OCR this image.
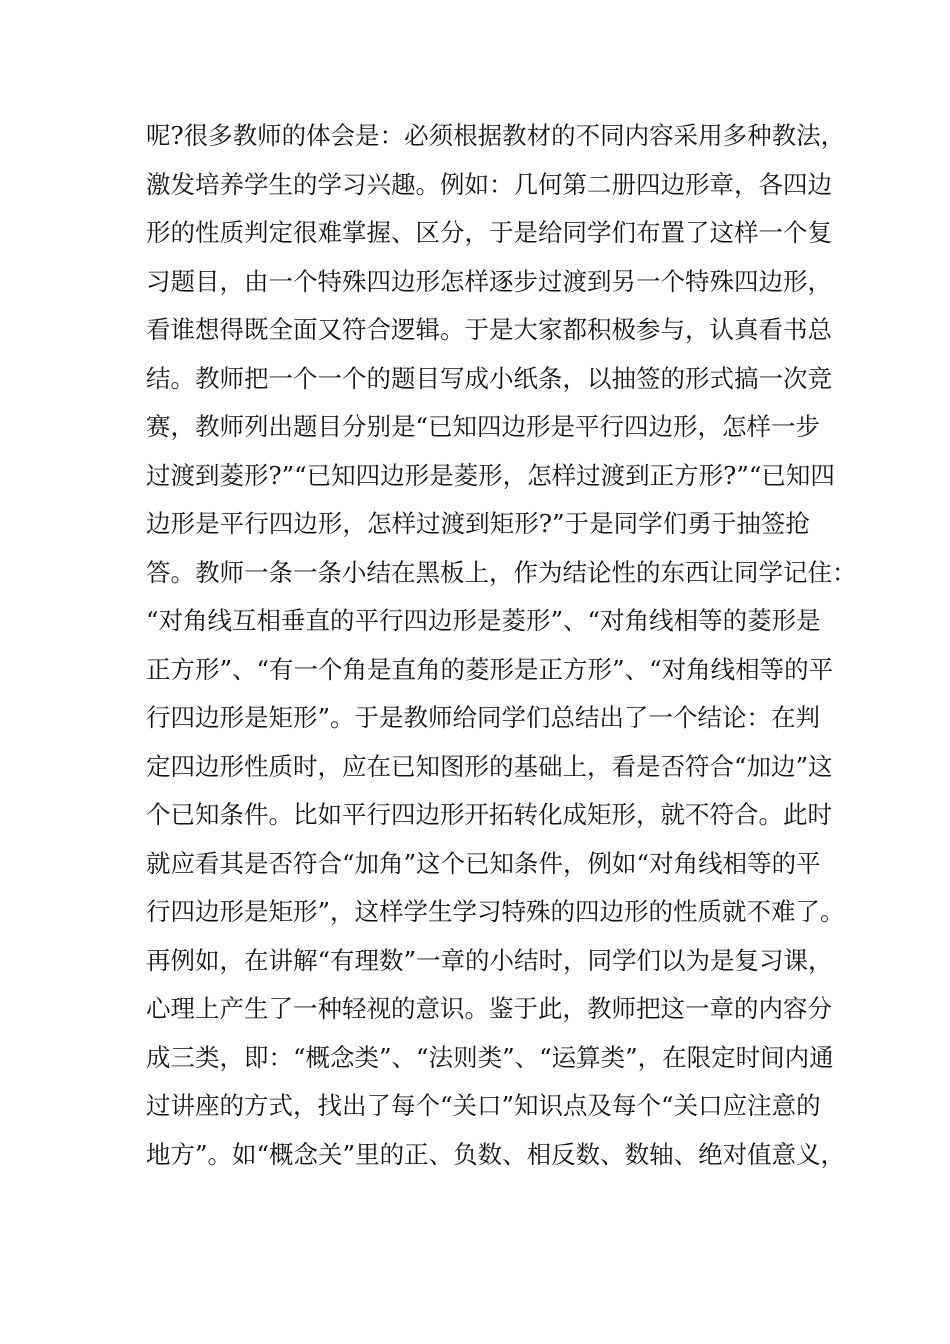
呢?很多教师的体会是：必须根据教材的不同内容采用多种教法，
激发培养学生的学习兴趣。例如：几何第二册四边形章，各四边
形的性质判定很难掌握、区分，于是给同学们布置了这样一个复
习题目，由一个特殊四边形怎样逐步过渡到另一个特殊四边形，
看谁想得既全面又符合逻辑。于是大家都积极参与，认真看书总
结。教师把一个一个的题目写成小纸条，以抽签的形式搞一次竞
赛，教师列出题目分别是“已知四边形是平行四边形，怎样一步
过渡到菱形?”“已知四边形是菱形，怎样过渡到正方形?”“已知四
边形是平行四边形，怎样过渡到矩形?”于是同学们勇于抽签抢
答。教师一条一条小结在黑板上，作为结论性的东西让同学记住：
“对角线互相垂直的平行四边形是菱形”、“对角线相等的菱形是
正方形”、“有一个角是直角的菱形是正方形”、“对角线相等的平
行四边形是矩形”。于是教师给同学们总结出了一个结论：在判
定四边形性质时，应在已知图形的基础上，看是否符合“加边”这
个已知条件。比如平行四边形开拓转化成矩形，就不符合。此时
就应看其是否符合“加角”这个已知条件，例如“对角线相等的平
行四边形是矩形”，这样学生学习特殊的四边形的性质就不难了。
再例如，在讲解“有理数”一章的小结时，同学们以为是复习课，
心理上产生了一种轻视的意识。鉴于此，教师把这一章的内容分
成三类，即：“概念类”、“法则类”、“运算类”，在限定时间内通
过讲座的方式，找出了每个“关口”知识点及每个“关口应注意的
地方”。如“概念关”里的正、负数、相反数、数轴、绝对值意义，
